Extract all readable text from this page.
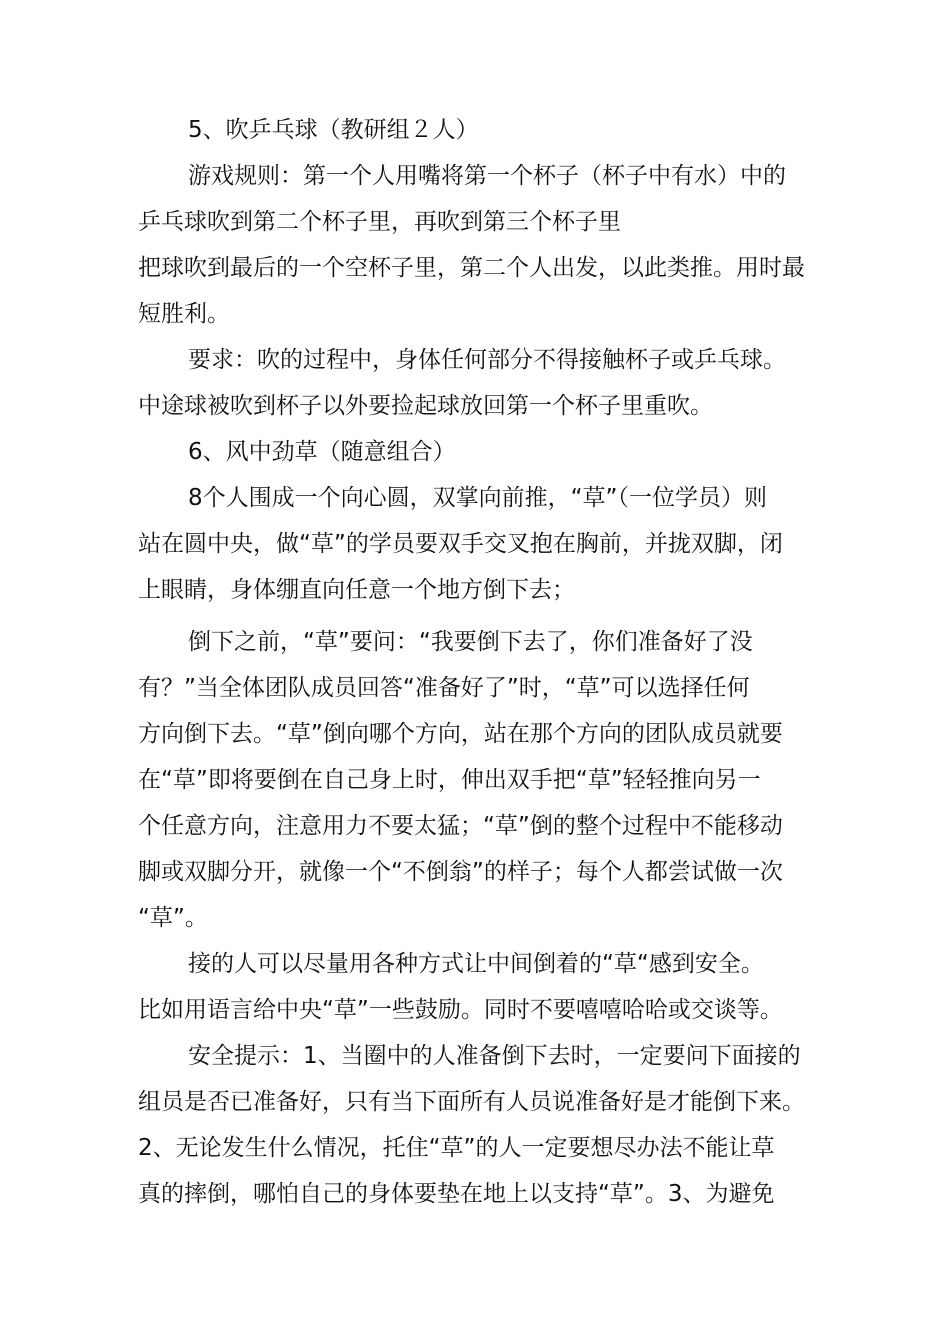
5、吹乒乓球（教研组２人）
游戏规则：第一个人用嘴将第一个杯子（杯子中有水）中的
乒乓球吹到第二个杯子里，再吹到第三个杯子里
把球吹到最后的一个空杯子里，第二个人出发，以此类推。用时最
短胜利。
要求：吹的过程中，身体任何部分不得接触杯子或乒乓球。
中途球被吹到杯子以外要捡起球放回第一个杯子里重吹。
6、风中劲草（随意组合）
8个人围成一个向心圆，双掌向前推，“草”（一位学员）则
站在圆中央，做“草”的学员要双手交叉抱在胸前，并拢双脚，闭
上眼睛，身体绷直向任意一个地方倒下去；
倒下之前，“草”要问：“我要倒下去了，你们准备好了没
有？”当全体团队成员回答“准备好了”时，“草”可以选择任何
方向倒下去。“草”倒向哪个方向，站在那个方向的团队成员就要
在“草”即将要倒在自己身上时，伸出双手把“草”轻轻推向另一
个任意方向，注意用力不要太猛；“草”倒的整个过程中不能移动
脚或双脚分开，就像一个“不倒翁”的样子；每个人都尝试做一次
“草”。
接的人可以尽量用各种方式让中间倒着的“草“感到安全。
比如用语言给中央“草”一些鼓励。同时不要嘻嘻哈哈或交谈等。
安全提示：1、当圈中的人准备倒下去时，一定要问下面接的
组员是否已准备好，只有当下面所有人员说准备好是才能倒下来。
2、无论发生什么情况，托住“草”的人一定要想尽办法不能让草
真的摔倒，哪怕自己的身体要垫在地上以支持“草”。3、为避免
